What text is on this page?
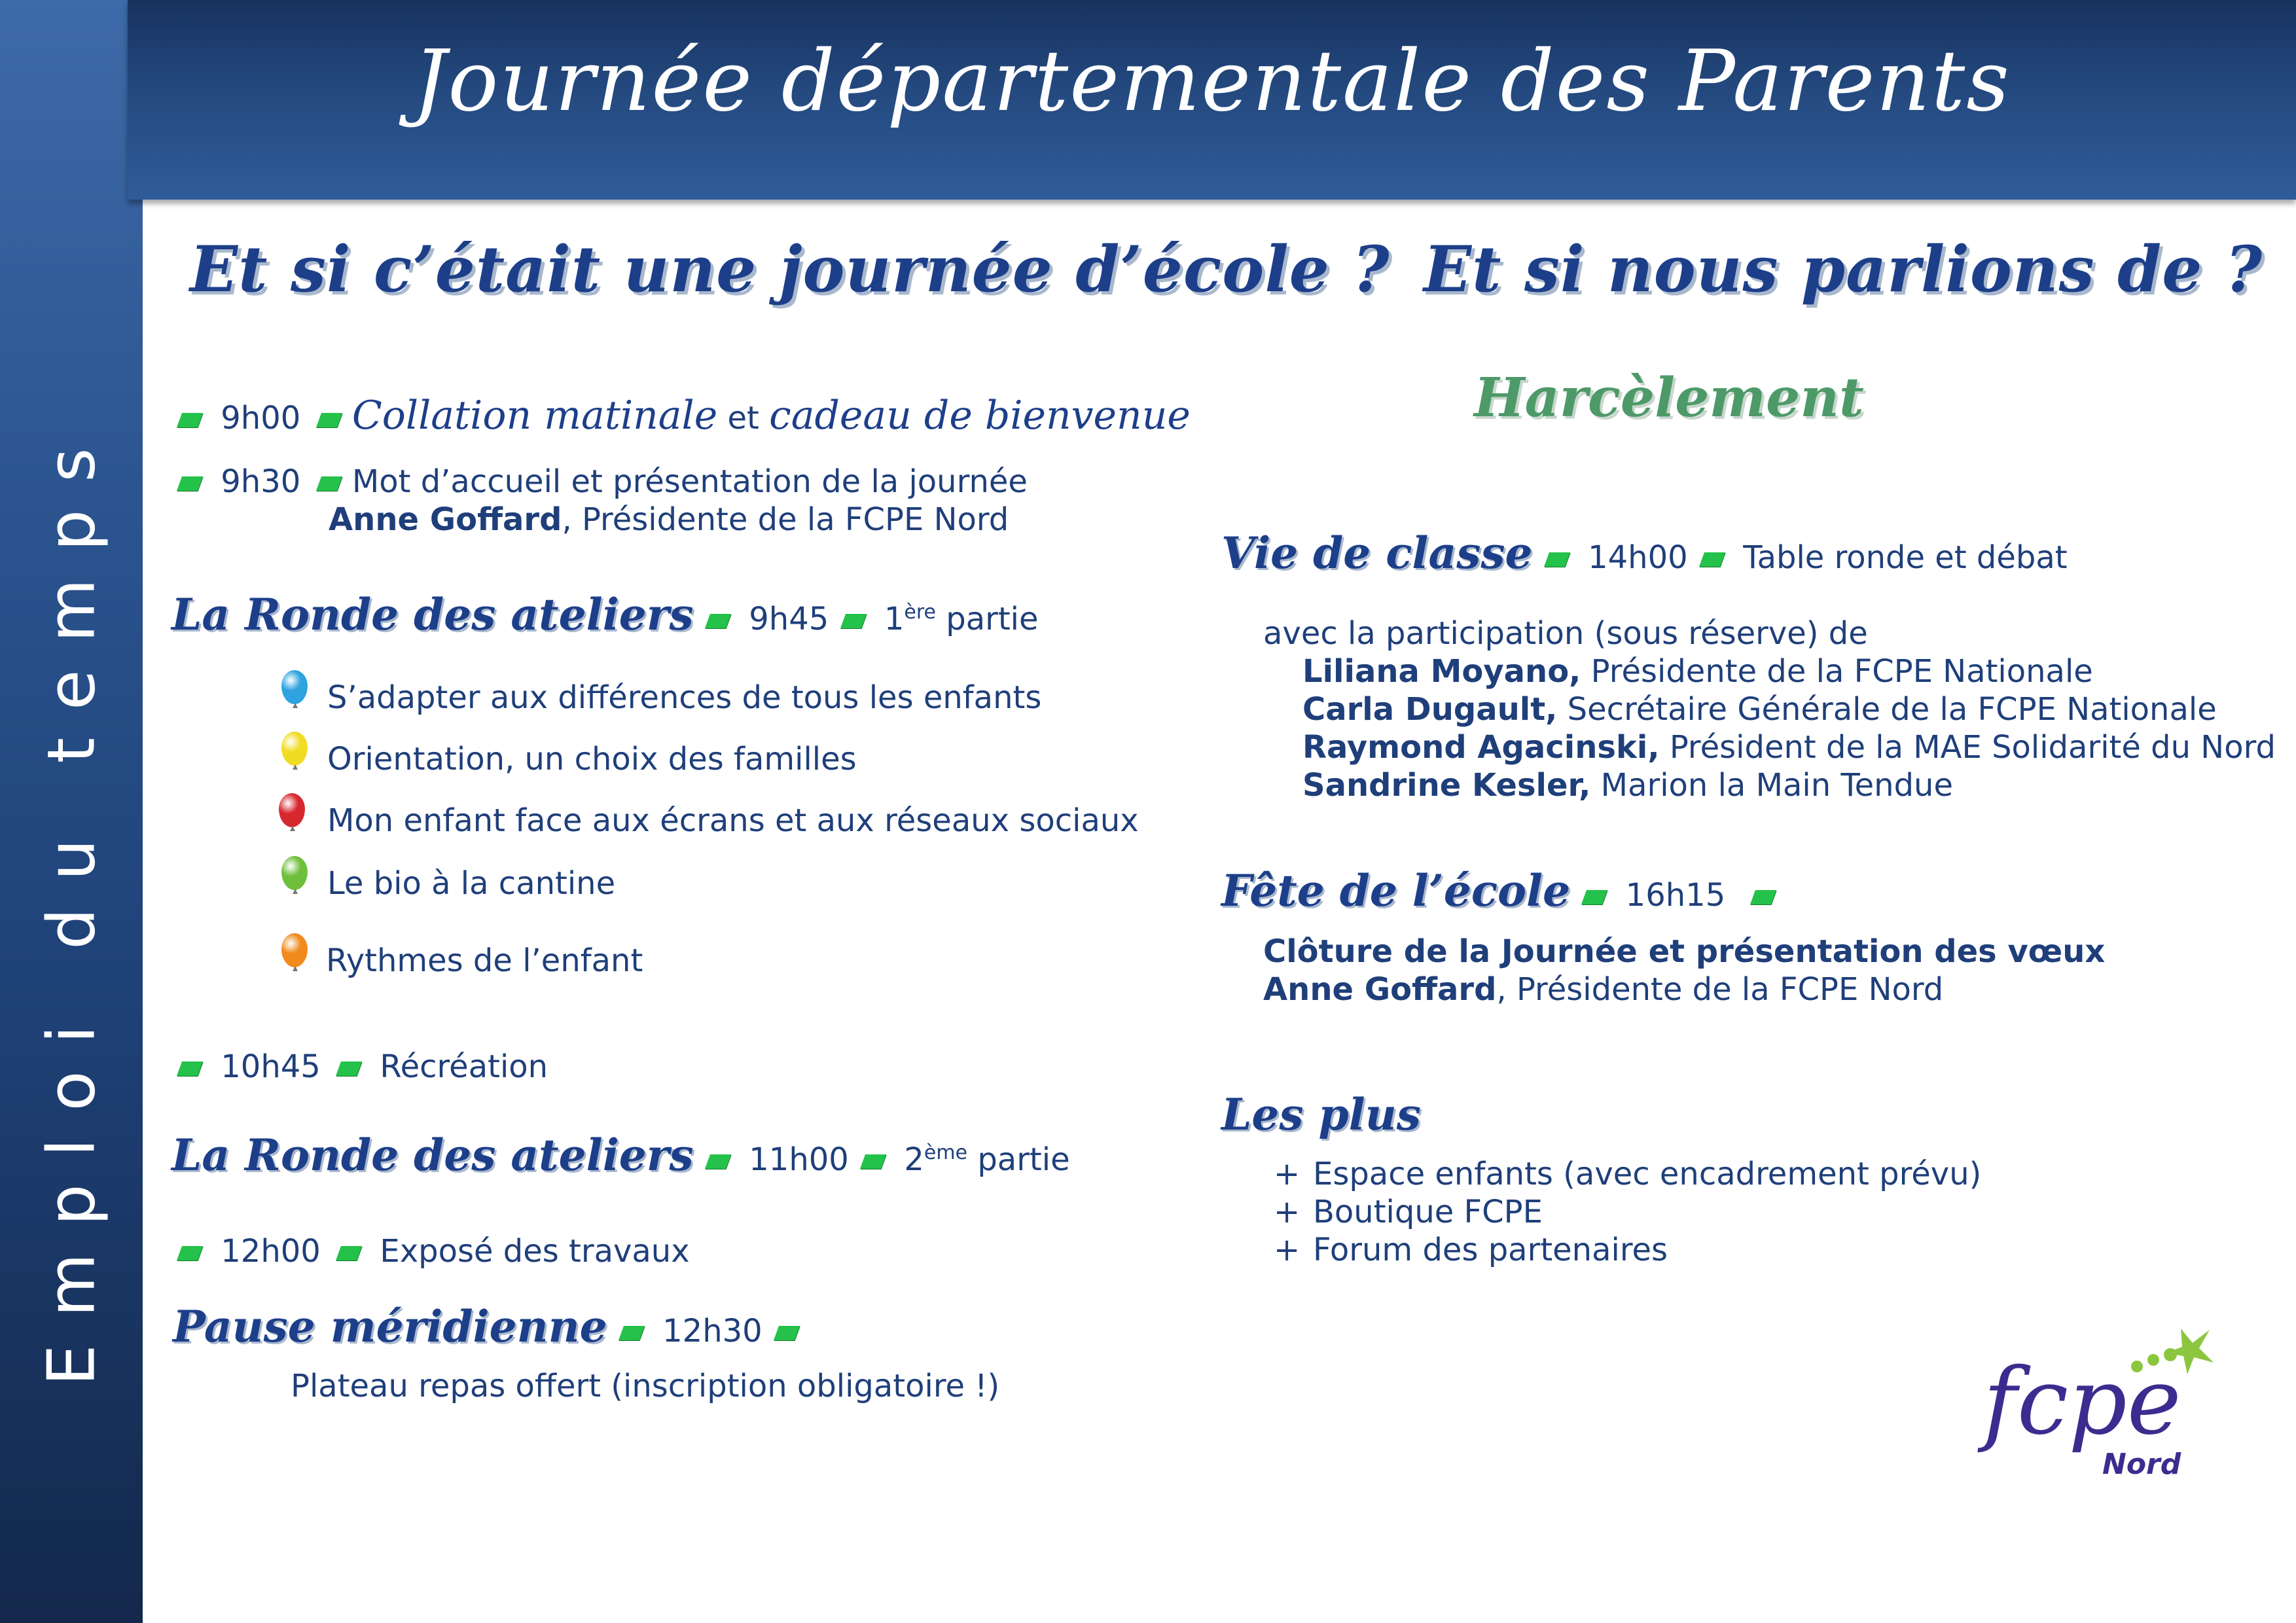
Emploi du temps
Journée départementale des Parents
Et si c’était une journée d’école ?
9h00 Collation matinale et cadeau de bienvenue
9h30 Mot d’accueil et présentation de la journée
Anne Goffard, Présidente de la FCPE Nord
La Ronde des ateliers 9h45 1ère partie
S’adapter aux différences de tous les enfants
Orientation, un choix des familles
Mon enfant face aux écrans et aux réseaux sociaux
Le bio à la cantine
Rythmes de l’enfant
10h45 Récréation
La Ronde des ateliers 11h00 2ème partie
12h00 Exposé des travaux
Pause méridienne 12h30
Plateau repas offert (inscription obligatoire !)
Et si nous parlions de ?
Harcèlement
Vie de classe 14h00 Table ronde et débat
avec la participation (sous réserve) de
Liliana Moyano, Présidente de la FCPE Nationale
Carla Dugault, Secrétaire Générale de la FCPE Nationale
Raymond Agacinski, Président de la MAE Solidarité du Nord
Sandrine Kesler, Marion la Main Tendue
Fête de l’école 16h15
Clôture de la Journée et présentation des vœux
Anne Goffard, Présidente de la FCPE Nord
Les plus
+ Espace enfants (avec encadrement prévu)
+ Boutique FCPE
+ Forum des partenaires
fcpe
Nord
